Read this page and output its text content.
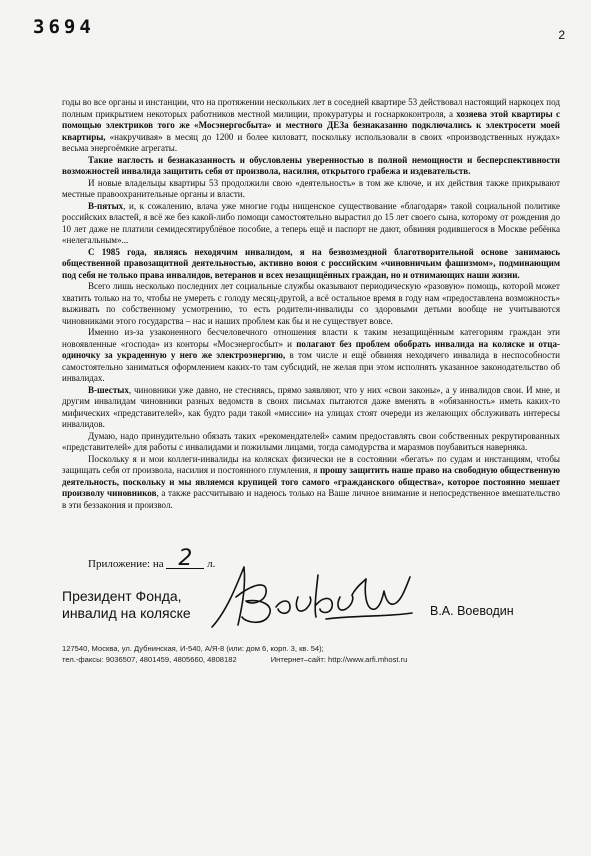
3694	2

годы во все органы и инстанции, что на протяжении нескольких лет в соседней квартире 53 действовал настоящий наркоцех под полным прикрытием некоторых работников местной милиции, прокуратуры и госнаркоконтроля, а хозяева этой квартиры с помощью электриков того же «Мосэнергосбыта» и местного ДЕЗа безнаказанно подключались к электросети моей квартиры, «накручивая» в месяц до 1200 и более киловатт, поскольку использовали в своих «производственных нуждах» весьма энергоёмкие агрегаты.

Такие наглость и безнаказанность и обусловлены уверенностью в полной немощности и бесперспективности возможностей инвалида защитить себя от произвола, насилия, открытого грабежа и издевательств.

И новые владельцы квартиры 53 продолжили свою «деятельность» в том же ключе, и их действия также прикрывают местные правоохранительные органы и власти.

В-пятых, и, к сожалению, влача уже многие годы нищенское существование «благодаря» такой социальной политике российских властей, я всё же без какой-либо помощи самостоятельно вырастил до 15 лет своего сына, которому от рождения до 10 лет даже не платили семидесятирублёвое пособие, а теперь ещё и паспорт не дают, обвиняя родившегося в Москве ребёнка «нелегальным»...

С 1985 года, являясь неходячим инвалидом, я на безвозмездной благотворительной основе занимаюсь общественной правозащитной деятельностью, активно воюя с российским «чиновничьим фашизмом», подминающим под себя не только права инвалидов, ветеранов и всех незащищённых граждан, но и отнимающих наши жизни.

Всего лишь несколько последних лет социальные службы оказывают периодическую «разовую» помощь, которой может хватить только на то, чтобы не умереть с голоду месяц-другой, а всё остальное время в году нам «предоставлена возможность» выживать по собственному усмотрению, то есть родители-инвалиды со здоровыми детьми вообще не учитываются чиновниками этого государства – нас и наших проблем как бы и не существует вовсе.

Именно из-за узаконенного бесчеловечного отношения власти к таким незащищённым категориям граждан эти новоявленные «господа» из конторы «Мосэнергосбыт» и полагают без проблем обобрать инвалида на коляске и отца-одиночку за украденную у него же электроэнергию, в том числе и ещё обвиняя неходячего инвалида в неспособности самостоятельно заниматься оформлением каких-то там субсидий, не желая при этом исполнять указанное законодательство об инвалидах.

В-шестых, чиновники уже давно, не стесняясь, прямо заявляют, что у них «свои законы», а у инвалидов свои. И мне, и другим инвалидам чиновники разных ведомств в своих письмах пытаются даже вменять в «обязанность» иметь каких-то мифических «представителей», как будто ради такой «миссии» на улицах стоят очереди из желающих обслуживать интересы инвалидов.

Думаю, надо принудительно обязать таких «рекомендателей» самим предоставлять свои собственных рекрутированных «представителей» для работы с инвалидами и пожилыми лицами, тогда самодурства и маразмов поубавиться наверняка.

Поскольку я и мои коллеги-инвалиды на колясках физически не в состоянии «бегать» по судам и инстанциям, чтобы защищать себя от произвола, насилия и постоянного глумления, я прошу защитить наше право на свободную общественную деятельность, поскольку и мы являемся крупицей того самого «гражданского общества», которое постоянно мешает произволу чиновников, а также рассчитываю и надеюсь только на Ваше личное внимание и непосредственное вмешательство в эти беззакония и произвол.

Приложение: на 2 л.
Президент Фонда,
инвалид на коляске	В.А. Воеводин
127540, Москва, ул. Дубнинская, И-540, А/Я-8 (или: дом 6, корп. 3, кв. 54);
тел.-факсы: 9036507, 4801459, 4805660, 4808182	Интернет–сайт: http://www.arfi.mhost.ru
